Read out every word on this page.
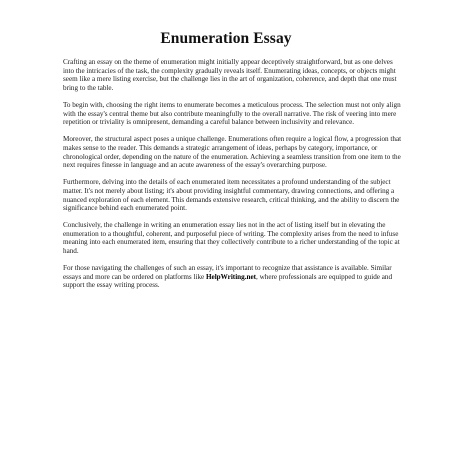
Enumeration Essay

Crafting an essay on the theme of enumeration might initially appear deceptively straightforward, but as one delves into the intricacies of the task, the complexity gradually reveals itself. Enumerating ideas, concepts, or objects might seem like a mere listing exercise, but the challenge lies in the art of organization, coherence, and depth that one must bring to the table.

To begin with, choosing the right items to enumerate becomes a meticulous process. The selection must not only align with the essay's central theme but also contribute meaningfully to the overall narrative. The risk of veering into mere repetition or triviality is omnipresent, demanding a careful balance between inclusivity and relevance.

Moreover, the structural aspect poses a unique challenge. Enumerations often require a logical flow, a progression that makes sense to the reader. This demands a strategic arrangement of ideas, perhaps by category, importance, or chronological order, depending on the nature of the enumeration. Achieving a seamless transition from one item to the next requires finesse in language and an acute awareness of the essay's overarching purpose.

Furthermore, delving into the details of each enumerated item necessitates a profound understanding of the subject matter. It's not merely about listing; it's about providing insightful commentary, drawing connections, and offering a nuanced exploration of each element. This demands extensive research, critical thinking, and the ability to discern the significance behind each enumerated point.

Conclusively, the challenge in writing an enumeration essay lies not in the act of listing itself but in elevating the enumeration to a thoughtful, coherent, and purposeful piece of writing. The complexity arises from the need to infuse meaning into each enumerated item, ensuring that they collectively contribute to a richer understanding of the topic at hand.

For those navigating the challenges of such an essay, it's important to recognize that assistance is available. Similar essays and more can be ordered on platforms like HelpWriting.net, where professionals are equipped to guide and support the essay writing process.
